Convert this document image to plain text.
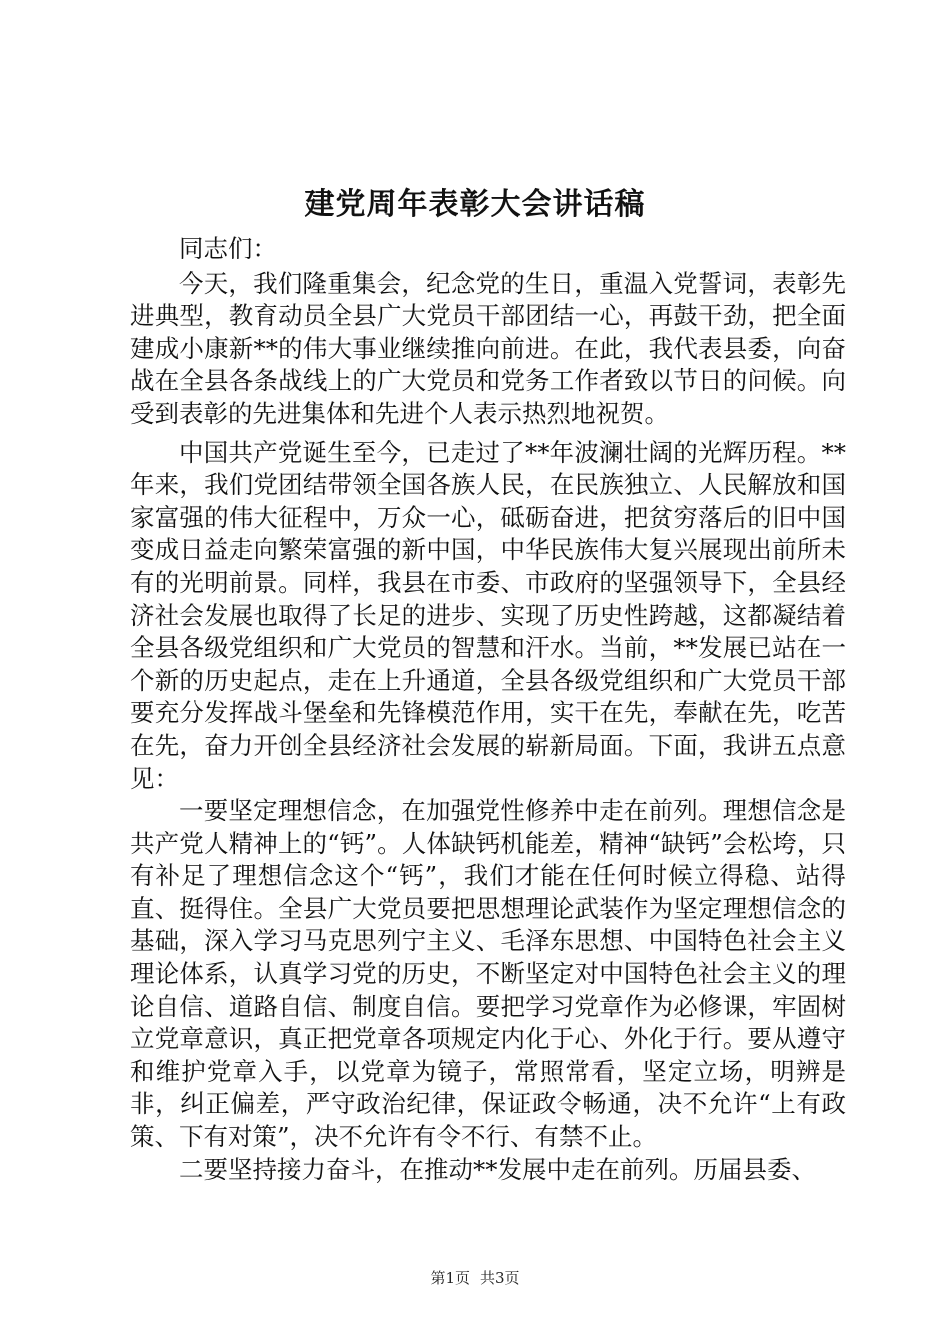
建党周年表彰大会讲话稿

同志们：

今天，我们隆重集会，纪念党的生日，重温入党誓词，表彰先进典型，教育动员全县广大党员干部团结一心，再鼓干劲，把全面建成小康新**的伟大事业继续推向前进。在此，我代表县委，向奋战在全县各条战线上的广大党员和党务工作者致以节日的问候。向受到表彰的先进集体和先进个人表示热烈地祝贺。

中国共产党诞生至今，已走过了**年波澜壮阔的光辉历程。**年来，我们党团结带领全国各族人民，在民族独立、人民解放和国家富强的伟大征程中，万众一心，砥砺奋进，把贫穷落后的旧中国变成日益走向繁荣富强的新中国，中华民族伟大复兴展现出前所未有的光明前景。同样，我县在市委、市政府的坚强领导下，全县经济社会发展也取得了长足的进步、实现了历史性跨越，这都凝结着全县各级党组织和广大党员的智慧和汗水。当前，**发展已站在一个新的历史起点，走在上升通道，全县各级党组织和广大党员干部要充分发挥战斗堡垒和先锋模范作用，实干在先，奉献在先，吃苦在先，奋力开创全县经济社会发展的崭新局面。下面，我讲五点意见：

一要坚定理想信念，在加强党性修养中走在前列。理想信念是共产党人精神上的“钙”。人体缺钙机能差，精神“缺钙”会松垮，只有补足了理想信念这个“钙”，我们才能在任何时候立得稳、站得直、挺得住。全县广大党员要把思想理论武装作为坚定理想信念的基础，深入学习马克思列宁主义、毛泽东思想、中国特色社会主义理论体系，认真学习党的历史，不断坚定对中国特色社会主义的理论自信、道路自信、制度自信。要把学习党章作为必修课，牢固树立党章意识，真正把党章各项规定内化于心、外化于行。要从遵守和维护党章入手，以党章为镜子，常照常看，坚定立场，明辨是非，纠正偏差，严守政治纪律，保证政令畅通，决不允许“上有政策、下有对策”，决不允许有令不行、有禁不止。

二要坚持接力奋斗，在推动**发展中走在前列。历届县委、

第1页 共3页
